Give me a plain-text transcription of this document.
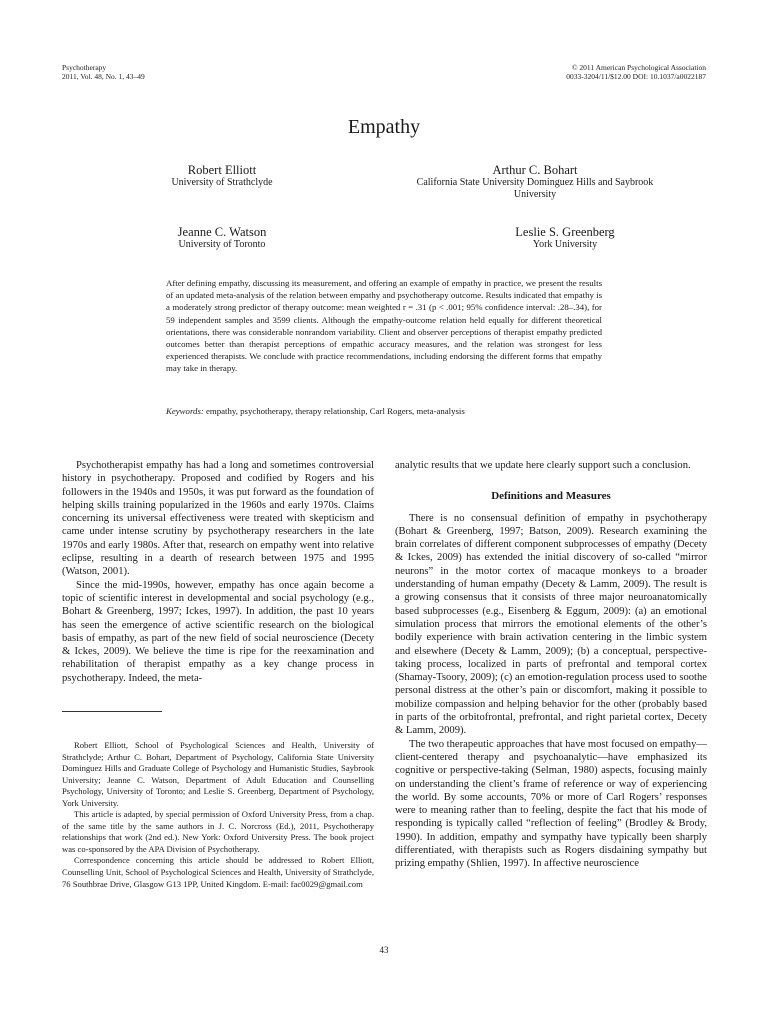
Psychotherapy
2011, Vol. 48, No. 1, 43–49
© 2011 American Psychological Association
0033-3204/11/$12.00 DOI: 10.1037/a0022187
Empathy
Robert Elliott
University of Strathclyde
Arthur C. Bohart
California State University Dominguez Hills and Saybrook University
Jeanne C. Watson
University of Toronto
Leslie S. Greenberg
York University
After defining empathy, discussing its measurement, and offering an example of empathy in practice, we present the results of an updated meta-analysis of the relation between empathy and psychotherapy outcome. Results indicated that empathy is a moderately strong predictor of therapy outcome: mean weighted r = .31 (p < .001; 95% confidence interval: .28–.34), for 59 independent samples and 3599 clients. Although the empathy-outcome relation held equally for different theoretical orientations, there was considerable nonrandom variability. Client and observer perceptions of therapist empathy predicted outcomes better than therapist perceptions of empathic accuracy measures, and the relation was strongest for less experienced therapists. We conclude with practice recommendations, including endorsing the different forms that empathy may take in therapy.
Keywords: empathy, psychotherapy, therapy relationship, Carl Rogers, meta-analysis

Psychotherapist empathy has had a long and sometimes controversial history in psychotherapy. Proposed and codified by Rogers and his followers in the 1940s and 1950s, it was put forward as the foundation of helping skills training popularized in the 1960s and early 1970s. Claims concerning its universal effectiveness were treated with skepticism and came under intense scrutiny by psychotherapy researchers in the late 1970s and early 1980s. After that, research on empathy went into relative eclipse, resulting in a dearth of research between 1975 and 1995 (Watson, 2001).

Since the mid-1990s, however, empathy has once again become a topic of scientific interest in developmental and social psychology (e.g., Bohart & Greenberg, 1997; Ickes, 1997). In addition, the past 10 years has seen the emergence of active scientific research on the biological basis of empathy, as part of the new field of social neuroscience (Decety & Ickes, 2009). We believe the time is ripe for the reexamination and rehabilitation of therapist empathy as a key change process in psychotherapy. Indeed, the meta-

Robert Elliott, School of Psychological Sciences and Health, University of Strathclyde; Arthur C. Bohart, Department of Psychology, California State University Dominguez Hills and Graduate College of Psychology and Humanistic Studies, Saybrook University; Jeanne C. Watson, Department of Adult Education and Counselling Psychology, University of Toronto; and Leslie S. Greenberg, Department of Psychology, York University.

This article is adapted, by special permission of Oxford University Press, from a chap. of the same title by the same authors in J. C. Norcross (Ed.), 2011, Psychotherapy relationships that work (2nd ed.). New York: Oxford University Press. The book project was co-sponsored by the APA Division of Psychotherapy.

Correspondence concerning this article should be addressed to Robert Elliott, Counselling Unit, School of Psychological Sciences and Health, University of Strathclyde, 76 Southbrae Drive, Glasgow G13 1PP, United Kingdom. E-mail: fac0029@gmail.com

analytic results that we update here clearly support such a conclusion.

Definitions and Measures

There is no consensual definition of empathy in psychotherapy (Bohart & Greenberg, 1997; Batson, 2009). Research examining the brain correlates of different component subprocesses of empathy (Decety & Ickes, 2009) has extended the initial discovery of so-called “mirror neurons” in the motor cortex of macaque monkeys to a broader understanding of human empathy (Decety & Lamm, 2009). The result is a growing consensus that it consists of three major neuroanatomically based subprocesses (e.g., Eisenberg & Eggum, 2009): (a) an emotional simulation process that mirrors the emotional elements of the other’s bodily experience with brain activation centering in the limbic system and elsewhere (Decety & Lamm, 2009); (b) a conceptual, perspective-taking process, localized in parts of prefrontal and temporal cortex (Shamay-Tsoory, 2009); (c) an emotion-regulation process used to soothe personal distress at the other’s pain or discomfort, making it possible to mobilize compassion and helping behavior for the other (probably based in parts of the orbitofrontal, prefrontal, and right parietal cortex, Decety & Lamm, 2009).

The two therapeutic approaches that have most focused on empathy—client-centered therapy and psychoanalytic—have emphasized its cognitive or perspective-taking (Selman, 1980) aspects, focusing mainly on understanding the client’s frame of reference or way of experiencing the world. By some accounts, 70% or more of Carl Rogers’ responses were to meaning rather than to feeling, despite the fact that his mode of responding is typically called “reflection of feeling” (Brodley & Brody, 1990). In addition, empathy and sympathy have typically been sharply differentiated, with therapists such as Rogers disdaining sympathy but prizing empathy (Shlien, 1997). In affective neuroscience

43
